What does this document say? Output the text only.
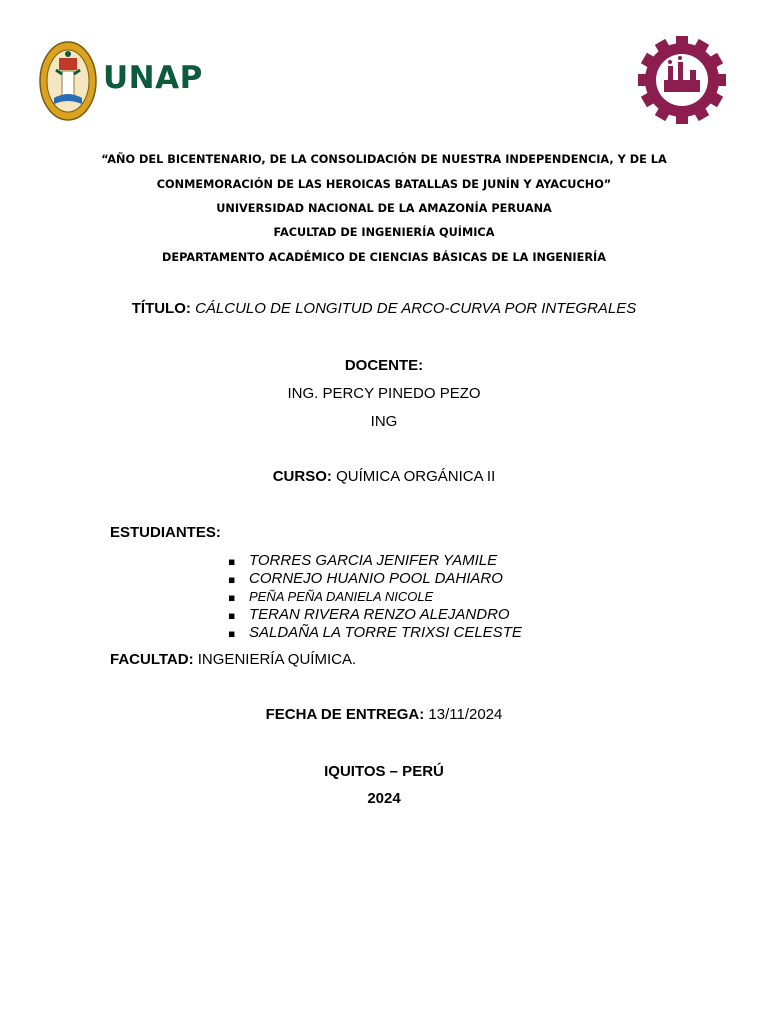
UNAP
“AÑO DEL BICENTENARIO, DE LA CONSOLIDACIÓN DE NUESTRA INDEPENDENCIA, Y DE LA
CONMEMORACIÓN DE LAS HEROICAS BATALLAS DE JUNÍN Y AYACUCHO”
UNIVERSIDAD NACIONAL DE LA AMAZONÍA PERUANA
FACULTAD DE INGENIERÍA QUÍMICA
DEPARTAMENTO ACADÉMICO DE CIENCIAS BÁSICAS DE LA INGENIERÍA
TÍTULO: CÁLCULO DE LONGITUD DE ARCO-CURVA POR INTEGRALES
DOCENTE:
ING. PERCY PINEDO PEZO
ING
CURSO: QUÍMICA ORGÁNICA II
ESTUDIANTES:
◾ TORRES GARCIA JENIFER YAMILE
◾ CORNEJO HUANIO POOL DAHIARO
◾ PEÑA PEÑA DANIELA NICOLE
◾ TERAN RIVERA RENZO ALEJANDRO
◾ SALDAÑA LA TORRE TRIXSI CELESTE
FACULTAD: INGENIERÍA QUÍMICA.
FECHA DE ENTREGA: 13/11/2024
IQUITOS – PERÚ
2024
